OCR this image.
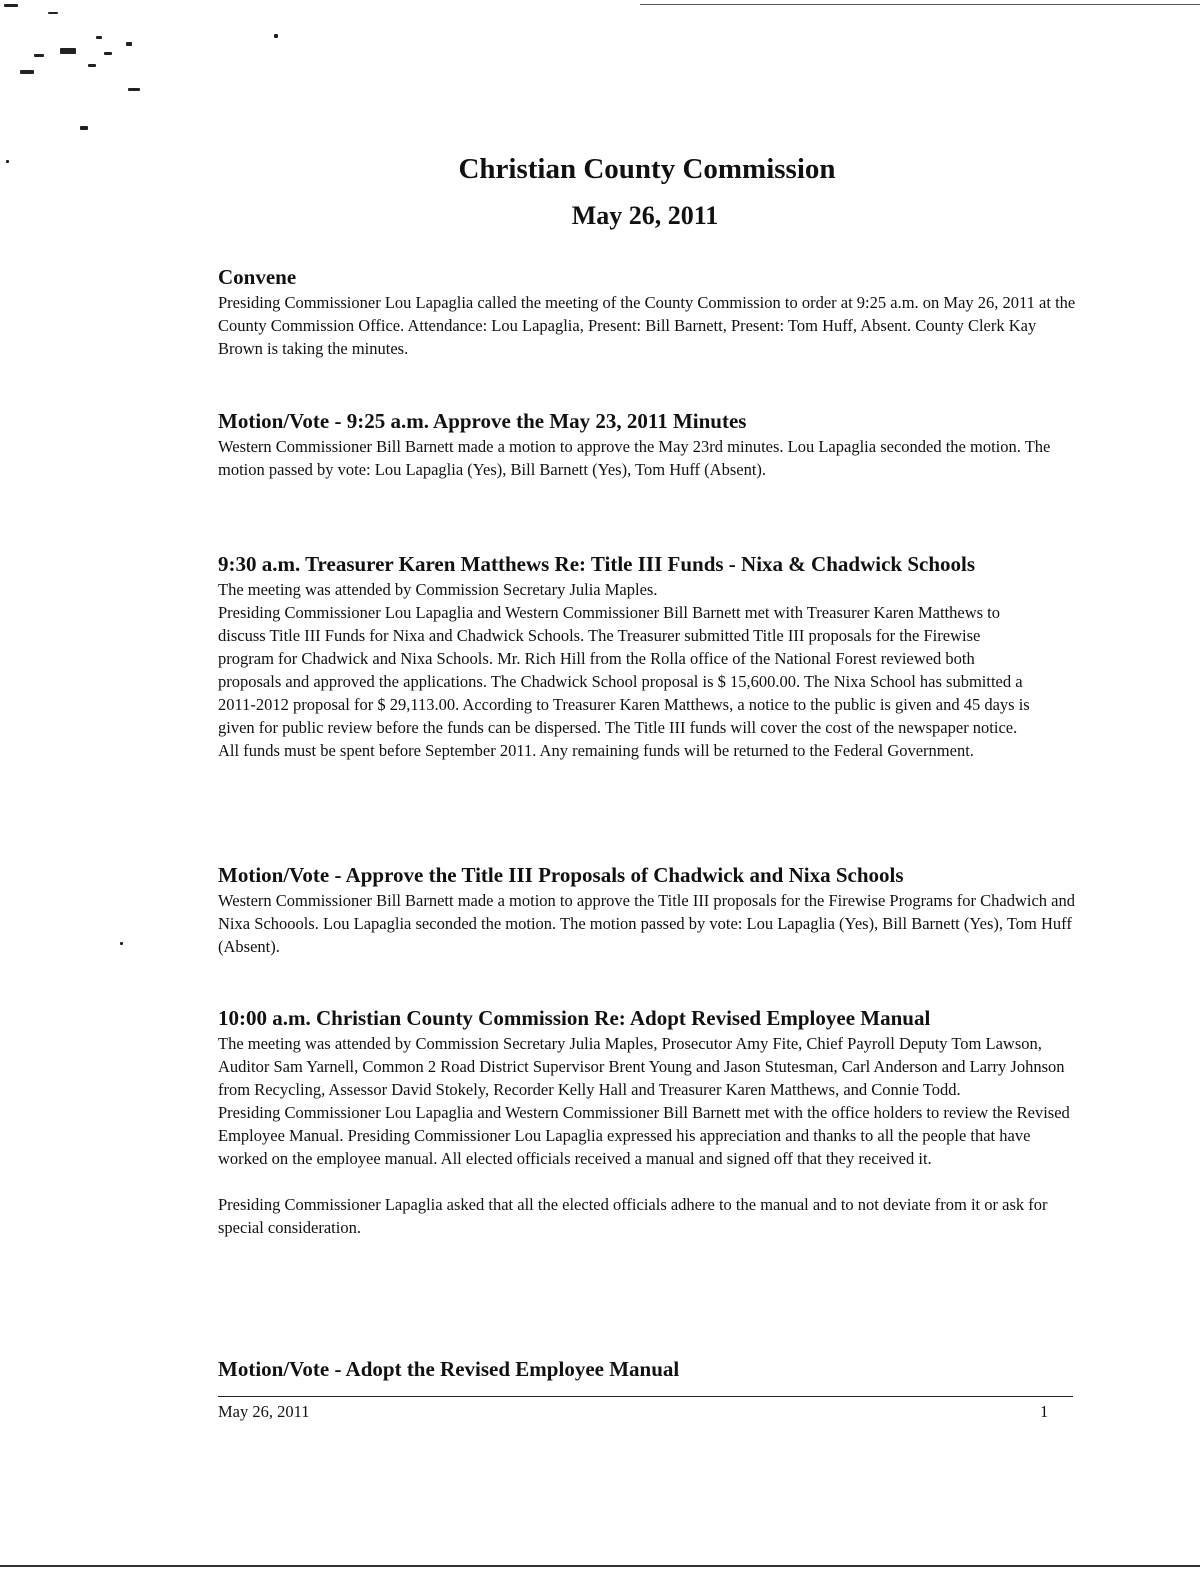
Christian County Commission
May 26, 2011
Convene

Presiding Commissioner Lou Lapaglia called the meeting of the County Commission to order at 9:25 a.m. on May 26, 2011 at the County Commission Office. Attendance: Lou Lapaglia, Present: Bill Barnett, Present: Tom Huff, Absent. County Clerk Kay Brown is taking the minutes.

Motion/Vote - 9:25 a.m. Approve the May 23, 2011 Minutes

Western Commissioner Bill Barnett made a motion to approve the May 23rd minutes. Lou Lapaglia seconded the motion. The motion passed by vote: Lou Lapaglia (Yes), Bill Barnett (Yes), Tom Huff (Absent).

9:30 a.m. Treasurer Karen Matthews Re: Title III Funds - Nixa & Chadwick Schools

The meeting was attended by Commission Secretary Julia Maples.

Presiding Commissioner Lou Lapaglia and Western Commissioner Bill Barnett met with Treasurer Karen Matthews to discuss Title III Funds for Nixa and Chadwick Schools. The Treasurer submitted Title III proposals for the Firewise program for Chadwick and Nixa Schools. Mr. Rich Hill from the Rolla office of the National Forest reviewed both proposals and approved the applications. The Chadwick School proposal is $ 15,600.00. The Nixa School has submitted a 2011-2012 proposal for $ 29,113.00. According to Treasurer Karen Matthews, a notice to the public is given and 45 days is given for public review before the funds can be dispersed. The Title III funds will cover the cost of the newspaper notice. All funds must be spent before September 2011. Any remaining funds will be returned to the Federal Government.

Motion/Vote - Approve the Title III Proposals of Chadwick and Nixa Schools

Western Commissioner Bill Barnett made a motion to approve the Title III proposals for the Firewise Programs for Chadwich and Nixa Schoools. Lou Lapaglia seconded the motion. The motion passed by vote: Lou Lapaglia (Yes), Bill Barnett (Yes), Tom Huff (Absent).

10:00 a.m. Christian County Commission Re: Adopt Revised Employee Manual

The meeting was attended by Commission Secretary Julia Maples, Prosecutor Amy Fite, Chief Payroll Deputy Tom Lawson, Auditor Sam Yarnell, Common 2 Road District Supervisor Brent Young and Jason Stutesman, Carl Anderson and Larry Johnson from Recycling, Assessor David Stokely, Recorder Kelly Hall and Treasurer Karen Matthews, and Connie Todd.

Presiding Commissioner Lou Lapaglia and Western Commissioner Bill Barnett met with the office holders to review the Revised Employee Manual. Presiding Commissioner Lou Lapaglia expressed his appreciation and thanks to all the people that have worked on the employee manual. All elected officials received a manual and signed off that they received it.

Presiding Commissioner Lapaglia asked that all the elected officials adhere to the manual and to not deviate from it or ask for special consideration.

Motion/Vote - Adopt the Revised Employee Manual
May 26, 2011	1
